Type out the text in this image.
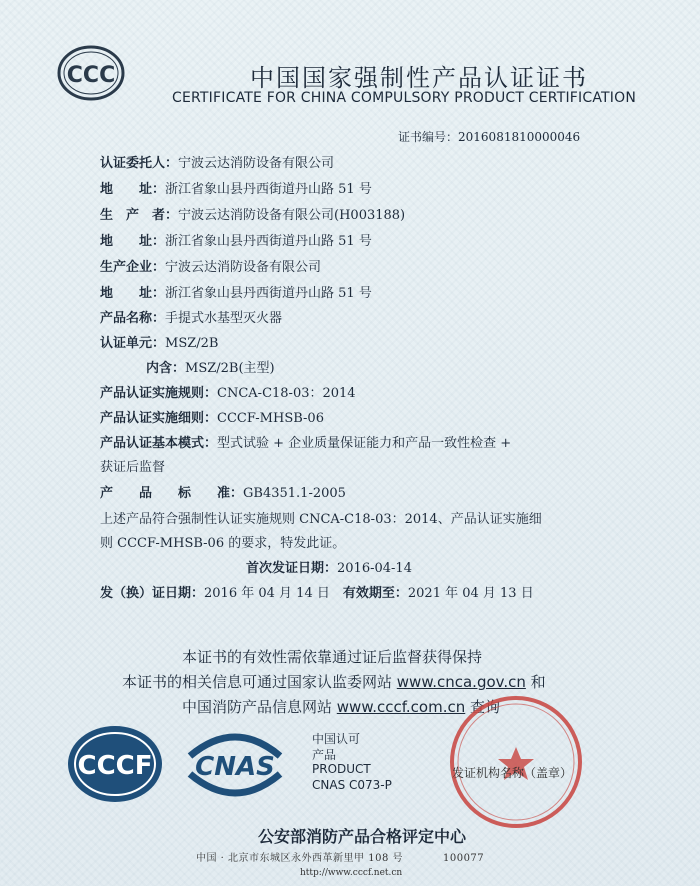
CCC	中国国家强制性产品认证证书
CERTIFICATE FOR CHINA COMPULSORY PRODUCT CERTIFICATION
证书编号：2016081810000046
认证委托人：宁波云达消防设备有限公司
地　　址：浙江省象山县丹西街道丹山路 51 号
生　产　者：宁波云达消防设备有限公司(H003188)
地　　址：浙江省象山县丹西街道丹山路 51 号
生产企业：宁波云达消防设备有限公司
地　　址：浙江省象山县丹西街道丹山路 51 号
产品名称：手提式水基型灭火器
认证单元：MSZ/2B
内含：MSZ/2B(主型)
产品认证实施规则：CNCA-C18-03：2014
产品认证实施细则：CCCF-MHSB-06
产品认证基本模式：型式试验 + 企业质量保证能力和产品一致性检查 +
获证后监督
产　　品　　标　　准：GB4351.1-2005
上述产品符合强制性认证实施规则 CNCA-C18-03：2014、产品认证实施细
则 CCCF-MHSB-06 的要求，特发此证。
首次发证日期：2016-04-14
发（换）证日期：2016 年 04 月 14 日　有效期至：2021 年 04 月 13 日
本证书的有效性需依靠通过证后监督获得保持
本证书的相关信息可通过国家认监委网站 www.cnca.gov.cn 和
中国消防产品信息网站 www.cccf.com.cn 查询
CCCF CNAS
中国认可
产品
PRODUCT
CNAS C073-P
发证机构名称（盖章）
公安部消防产品合格评定中心
中国 · 北京市东城区永外西革新里甲 108 号	100077
http://www.cccf.net.cn
